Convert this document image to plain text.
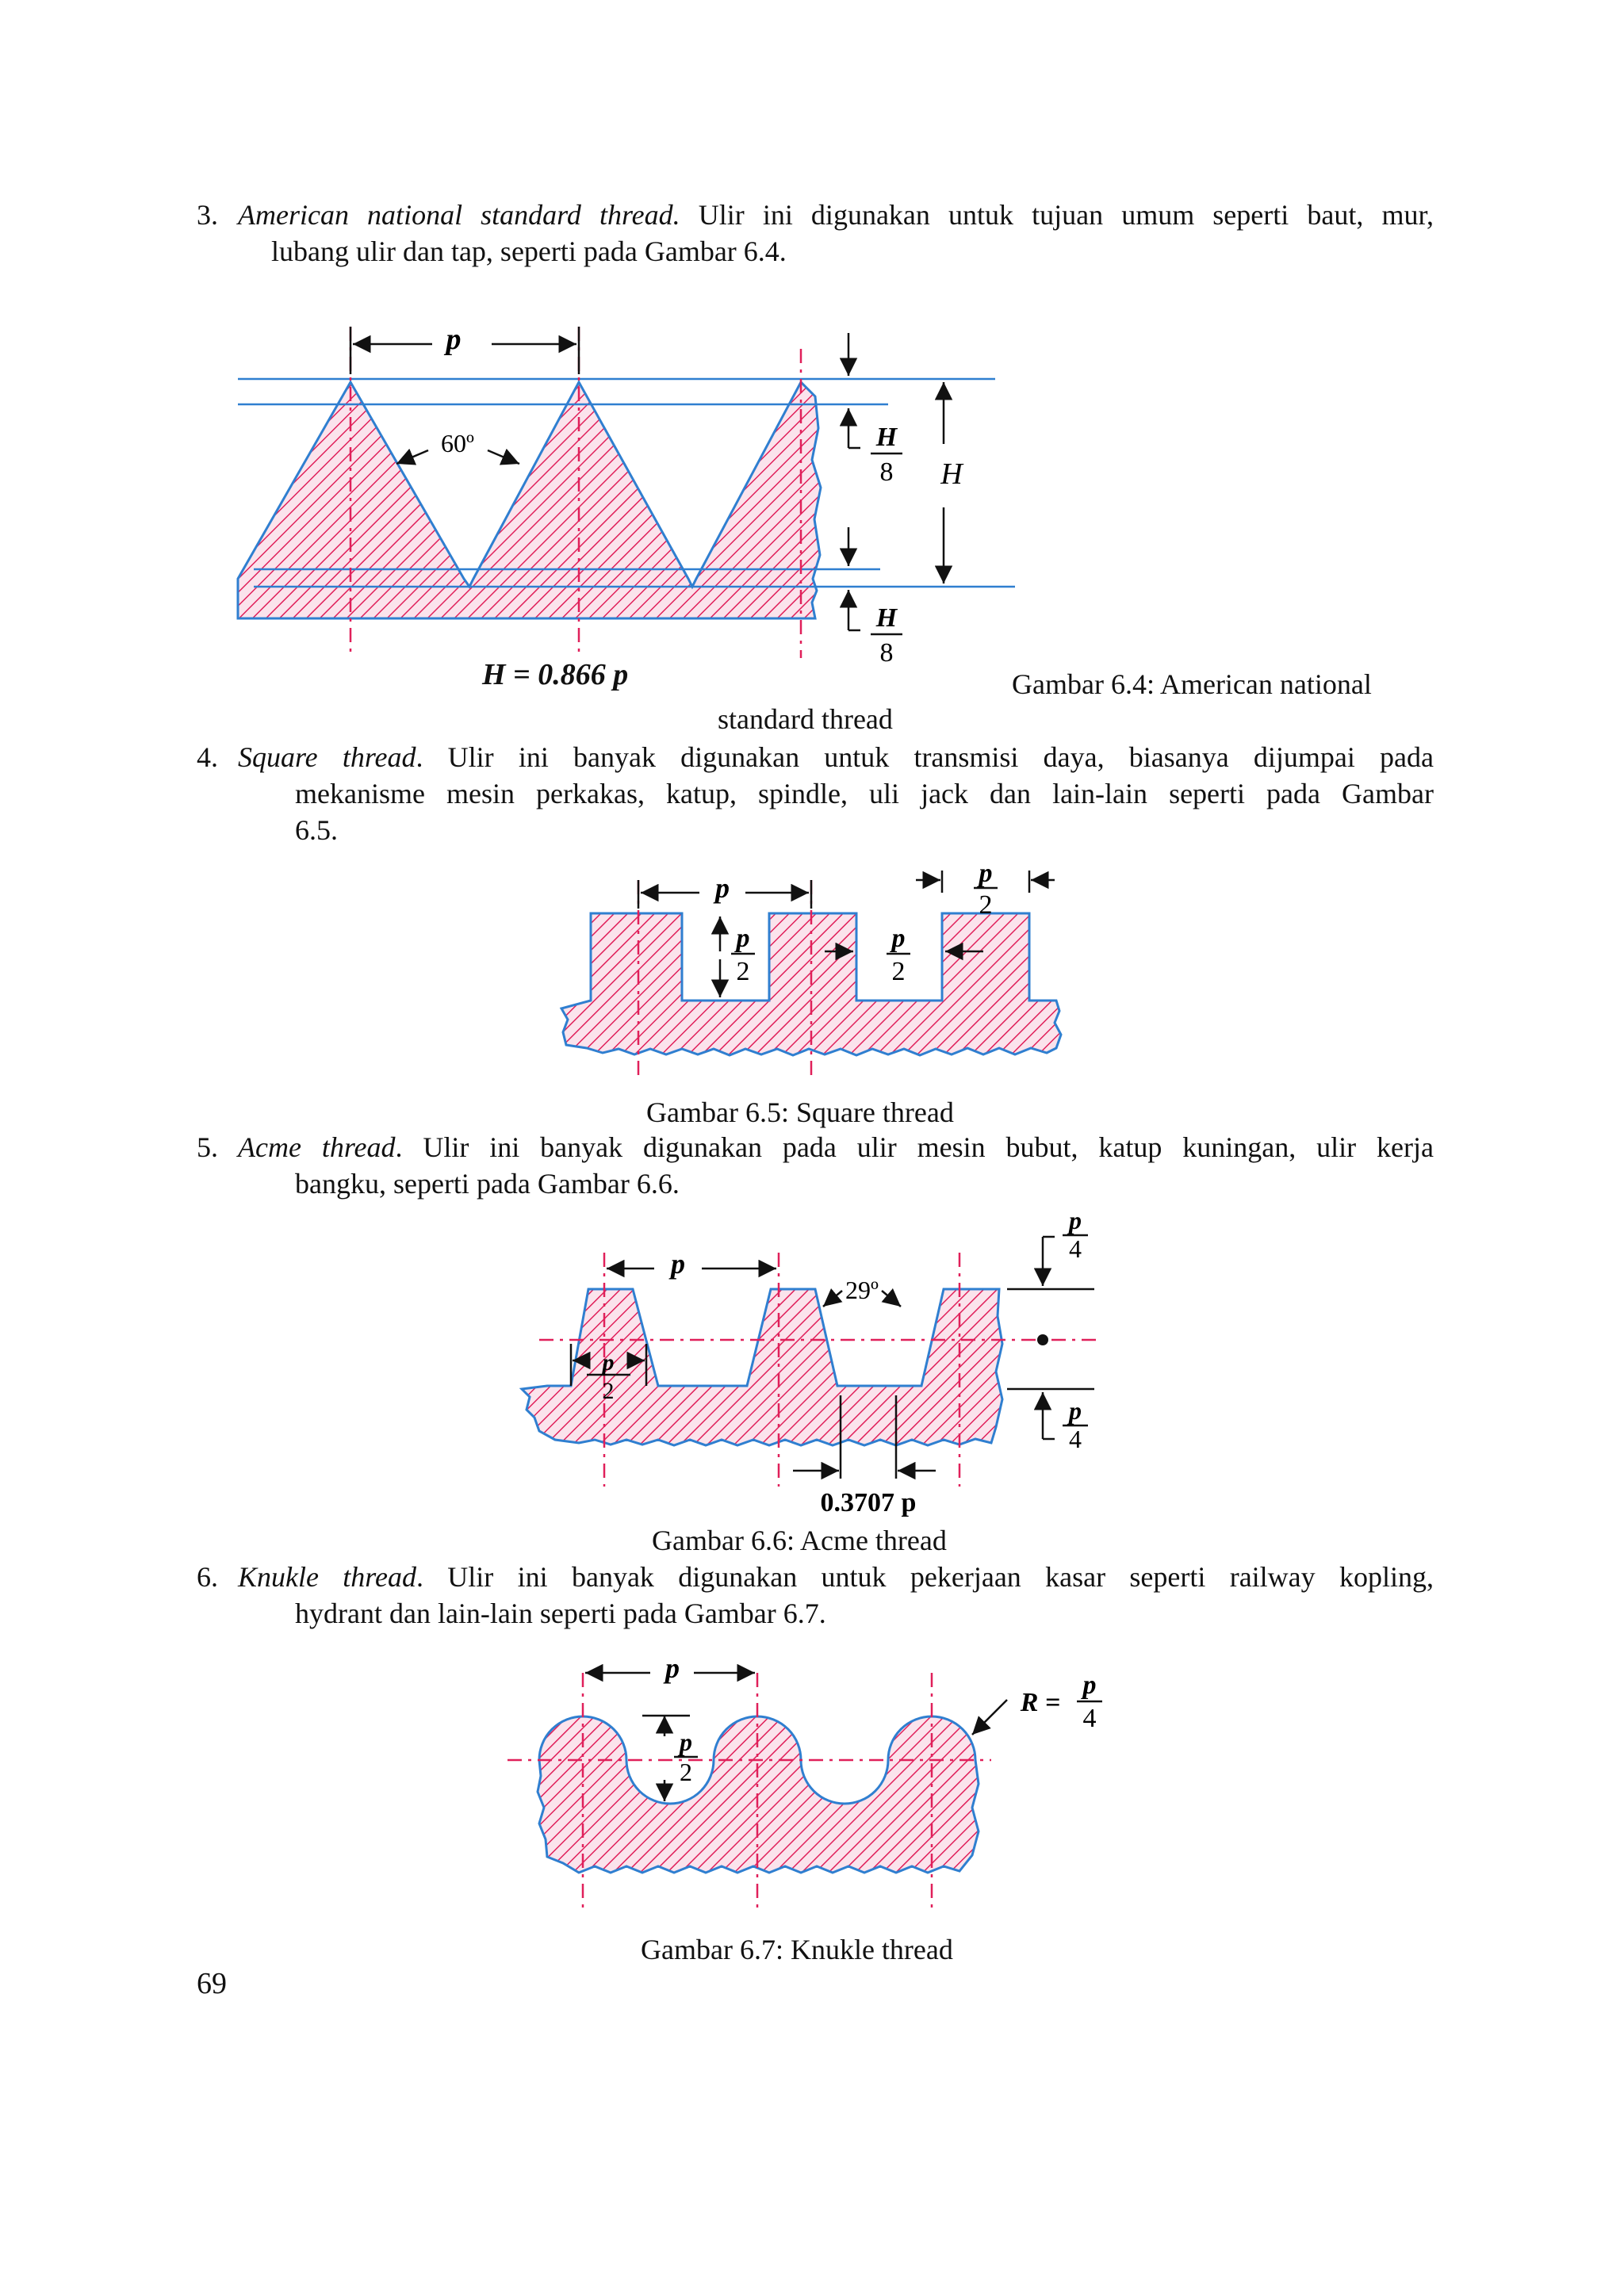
3. American national standard thread. Ulir ini digunakan untuk tujuan umum seperti baut, mur,
lubang ulir dan tap, seperti pada Gambar 6.4.
p
60º	H
8 H
H
8
H = 0.866 p	Gambar 6.4: American national
standard thread
4. Square thread. Ulir ini banyak digunakan untuk transmisi daya, biasanya dijumpai pada
mekanisme mesin perkakas, katup, spindle, uli jack dan lain-lain seperti pada Gambar
6.5.
p
p
2
p
2
p
2
Gambar 6.5: Square thread
5. Acme thread. Ulir ini banyak digunakan pada ulir mesin bubut, katup kuningan, ulir kerja
bangku, seperti pada Gambar 6.6.
p
29º
p
2
0.3707 p
p
4
p
4
Gambar 6.6: Acme thread
6. Knukle thread. Ulir ini banyak digunakan untuk pekerjaan kasar seperti railway kopling,
hydrant dan lain-lain seperti pada Gambar 6.7.
p
p
2
R =
p
4
Gambar 6.7: Knukle thread
69
